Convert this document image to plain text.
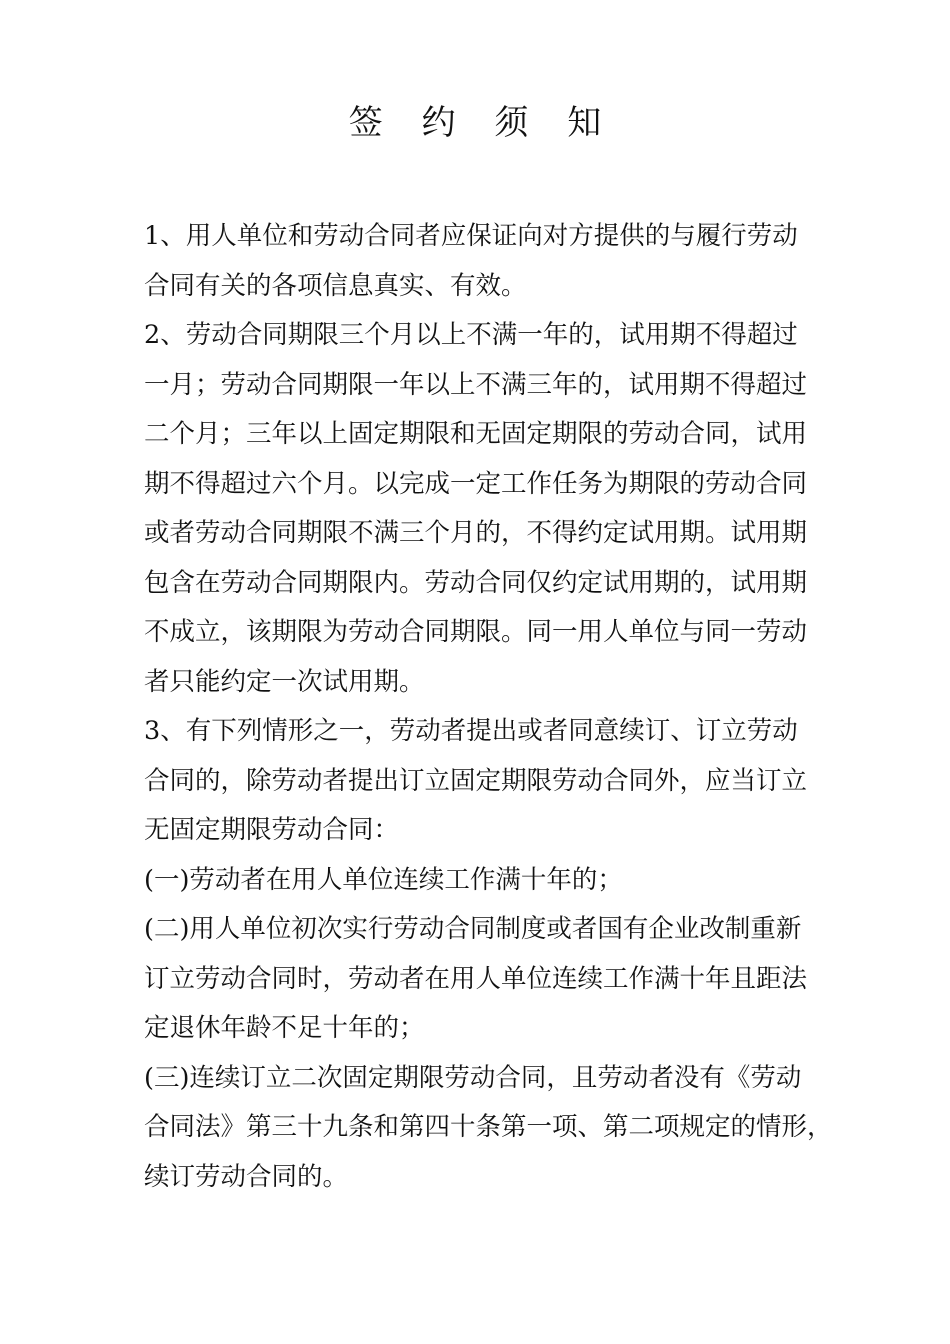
签 约 须 知
1、用人单位和劳动合同者应保证向对方提供的与履行劳动
合同有关的各项信息真实、有效。
2、劳动合同期限三个月以上不满一年的，试用期不得超过
一月；劳动合同期限一年以上不满三年的，试用期不得超过
二个月；三年以上固定期限和无固定期限的劳动合同，试用
期不得超过六个月。以完成一定工作任务为期限的劳动合同
或者劳动合同期限不满三个月的，不得约定试用期。试用期
包含在劳动合同期限内。劳动合同仅约定试用期的，试用期
不成立，该期限为劳动合同期限。同一用人单位与同一劳动
者只能约定一次试用期。
3、有下列情形之一，劳动者提出或者同意续订、订立劳动
合同的，除劳动者提出订立固定期限劳动合同外，应当订立
无固定期限劳动合同：
(一)劳动者在用人单位连续工作满十年的；
(二)用人单位初次实行劳动合同制度或者国有企业改制重新
订立劳动合同时，劳动者在用人单位连续工作满十年且距法
定退休年龄不足十年的；
(三)连续订立二次固定期限劳动合同，且劳动者没有《劳动
合同法》第三十九条和第四十条第一项、第二项规定的情形，
续订劳动合同的。
